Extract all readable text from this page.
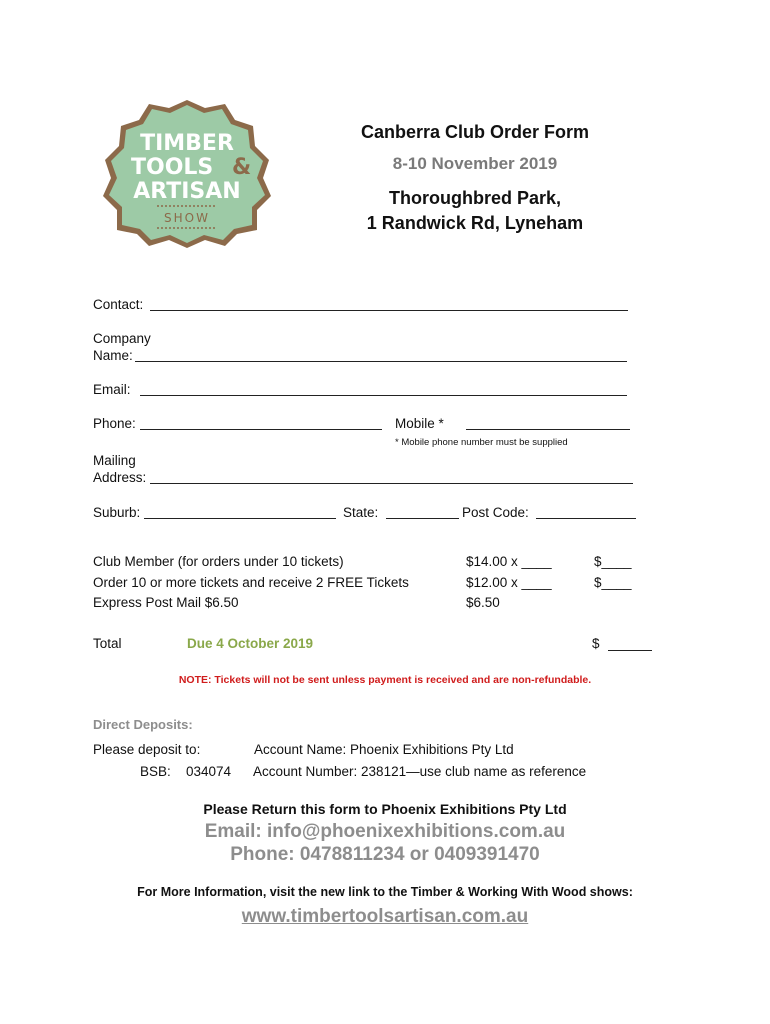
TIMBER
TOOLS &
ARTISAN
SHOW
Canberra Club Order Form
8-10 November 2019
Thoroughbred Park,
1 Randwick Rd, Lyneham
Contact:
Company
Name:
Email:
Phone:	Mobile *
* Mobile phone number must be supplied
Mailing
Address:
Suburb:	State:	Post Code:
Club Member (for orders under 10 tickets)	$14.00 x ____	$____
Order 10 or more tickets and receive 2 FREE Tickets	$12.00 x ____	$____
Express Post Mail $6.50	$6.50
Total	Due 4 October 2019	$
NOTE: Tickets will not be sent unless payment is received and are non-refundable.
Direct Deposits:
Please deposit to:	Account Name: Phoenix Exhibitions Pty Ltd
BSB: 034074 Account Number: 238121—use club name as reference
Please Return this form to Phoenix Exhibitions Pty Ltd
Email: info@phoenixexhibitions.com.au
Phone: 0478811234 or 0409391470
For More Information, visit the new link to the Timber & Working With Wood shows:
www.timbertoolsartisan.com.au
